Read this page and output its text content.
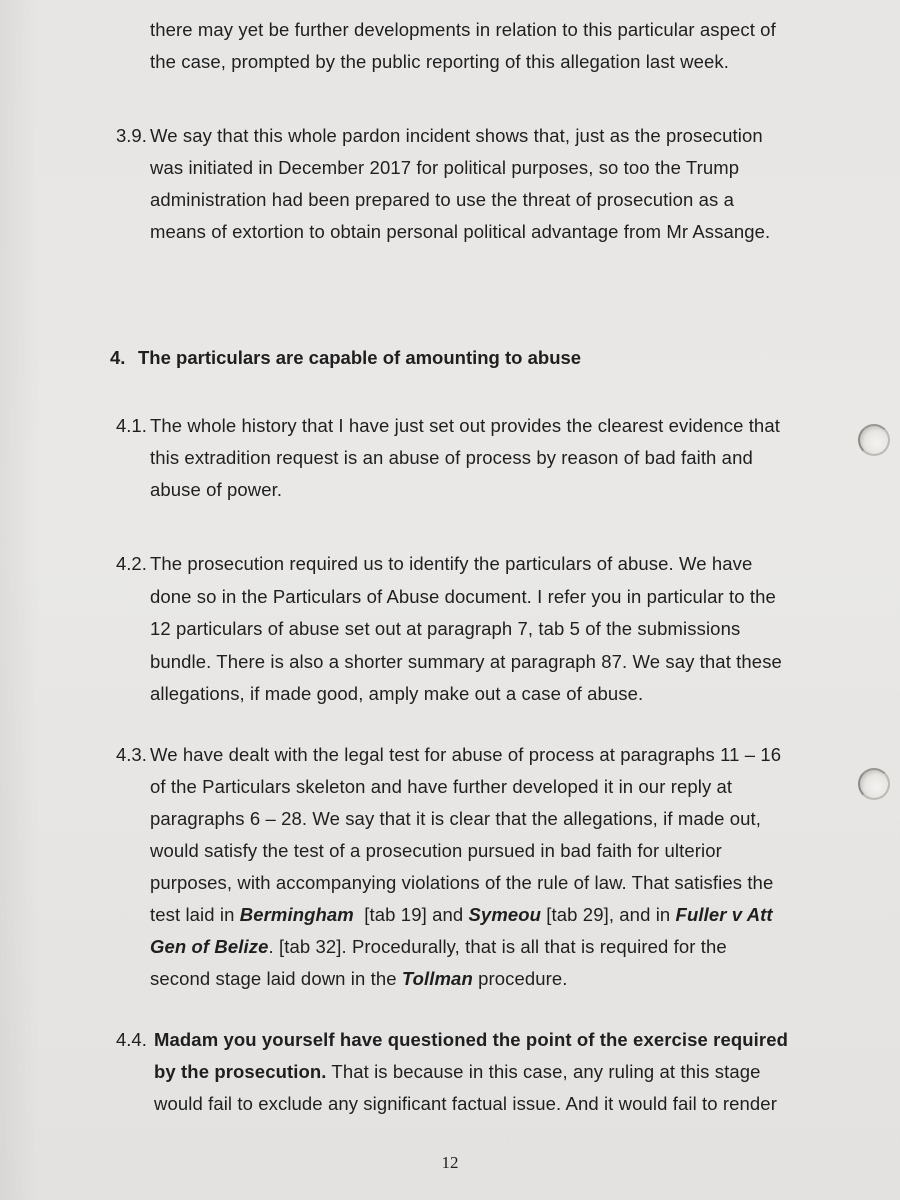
there may yet be further developments in relation to this particular aspect of
the case, prompted by the public reporting of this allegation last week.
3.9. We say that this whole pardon incident shows that, just as the prosecution
was initiated in December 2017 for political purposes, so too the Trump
administration had been prepared to use the threat of prosecution as a
means of extortion to obtain personal political advantage from Mr Assange.
4. The particulars are capable of amounting to abuse
4.1. The whole history that I have just set out provides the clearest evidence that
this extradition request is an abuse of process by reason of bad faith and
abuse of power.
4.2. The prosecution required us to identify the particulars of abuse. We have
done so in the Particulars of Abuse document. I refer you in particular to the
12 particulars of abuse set out at paragraph 7, tab 5 of the submissions
bundle. There is also a shorter summary at paragraph 87. We say that these
allegations, if made good, amply make out a case of abuse.
4.3. We have dealt with the legal test for abuse of process at paragraphs 11 – 16
of the Particulars skeleton and have further developed it in our reply at
paragraphs 6 – 28. We say that it is clear that the allegations, if made out,
would satisfy the test of a prosecution pursued in bad faith for ulterior
purposes, with accompanying violations of the rule of law. That satisfies the
test laid in Bermingham  [tab 19] and Symeou [tab 29], and in Fuller v Att
Gen of Belize. [tab 32]. Procedurally, that is all that is required for the
second stage laid down in the Tollman procedure.
4.4. Madam you yourself have questioned the point of the exercise required
by the prosecution. That is because in this case, any ruling at this stage
would fail to exclude any significant factual issue. And it would fail to render
12
